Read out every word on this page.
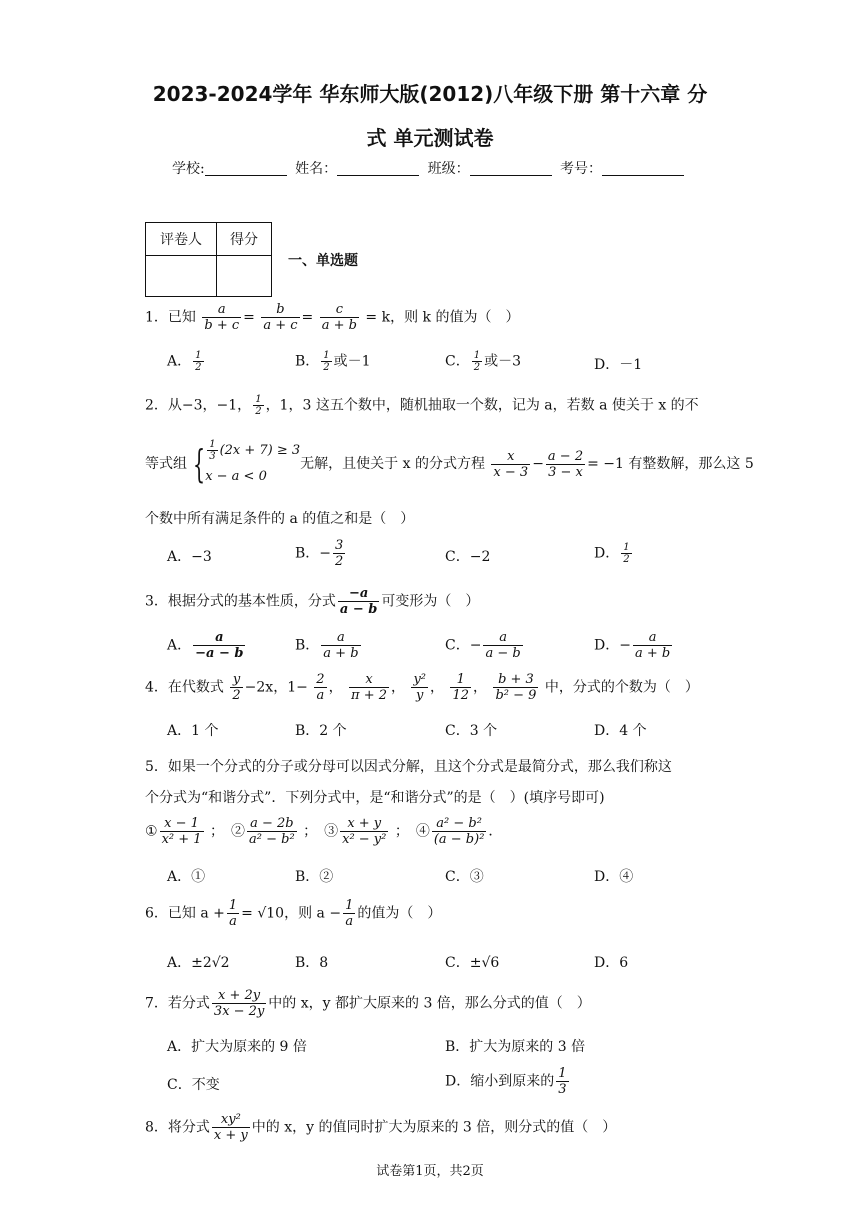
2023-2024学年 华东师大版(2012)八年级下册 第十六章 分
式 单元测试卷
学校:	姓名：	班级：	考号：
评卷人	得分

一、单选题
1．已知 $\frac{a}{b + c} = \frac{b}{a + c} = \frac{c}{a + b} = k$，则 k 的值为（　）
A． $\frac{1}{2}$	B． $\frac{1}{2}$ 或－1	C． $\frac{1}{2}$ 或－3	D．－1
2．从−3，−1， $\frac{1}{2}$ ，1，3 这五个数中，随机抽取一个数，记为 a，若数 a 使关于 x 的不
等式组 { $\frac{1}{3} (2x + 7) \ge 3$
x − a < 0
无解，且使关于 x 的分式方程 $\frac{x}{x - 3} - \frac{a - 2}{3 - x} = -1$ 有整数解，那么这 5
个数中所有满足条件的 a 的值之和是（　）
A．−3	B．− $\frac{3}{2}$	C．−2	D． $\frac{1}{2}$
3．根据分式的基本性质，分式 $\frac{-a}{a - b}$ 可变形为（　）
A． $\frac{a}{-a - b}$	B． $\frac{a}{a + b}$	C．− $\frac{a}{a - b}$	D．− $\frac{a}{a + b}$
4．在代数式 $\frac{y}{2} -2x$，$1- \frac{2}{a}$ ， $\frac{x}{\pi + 2}$ ， $\frac{\text{y²}}{y}$ ， $\frac{1}{12}$ ， $\frac{b + 3}{\text{b² − 9}}$ 中，分式的个数为（　）
A．1 个	B．2 个	C．3 个	D．4 个
5．如果一个分式的分子或分母可以因式分解，且这个分式是最简分式，那么我们称这
个分式为“和谐分式”．下列分式中，是“和谐分式”的是（　）(填序号即可)
① $\frac{x - 1}{\text{x² + 1}}$ ；　② $\frac{a - 2b}{\text{a² − b²}}$ ；　③ $\frac{x + y}{\text{x² − y²}}$ ；　④ $\frac{\text{a² − b²}}{\text{(a − b)²}}$ ．
A．①	B．②	C．③	D．④
6．已知 $a + \frac{1}{a} = √10$，则 $a - \frac{1}{a}$ 的值为（　）
A．±2√2	B．8	C．±√6	D．6
7．若分式 $\frac{x + 2y}{3x - 2y}$ 中的 x，y 都扩大原来的 3 倍，那么分式的值（　）
A．扩大为原来的 9 倍	B．扩大为原来的 3 倍
C．不变	D．缩小到原来的 $\frac{1}{3}$
8．将分式 $\frac{\text{xy²}}{x + y}$ 中的 x，y 的值同时扩大为原来的 3 倍，则分式的值（　）
试卷第1页，共2页
